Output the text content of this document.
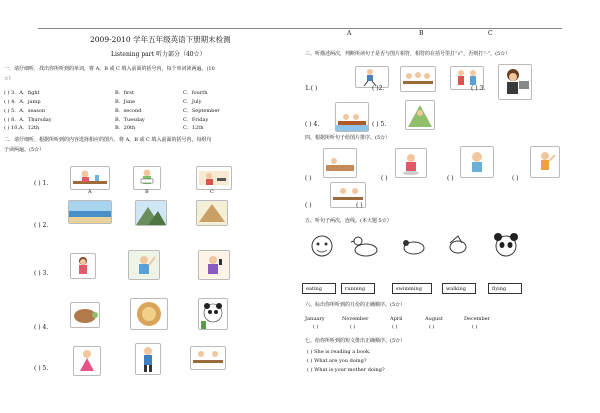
A	B	C
2009-2010 学年五年级英语下册期末检测
Listening part 听力部分（40☆）
一．请仔细听，找出你所听到的单词，将 A、B 或 C 填入前面的括号内，每个单词读两遍。(10
☆）
( ) 3．A．fight	B．first	C．fourth
( ) 4．A．jump	B．June	C．July
( ) 5．A．season	B．second	C．September
( ) 8．A．Thursday	B．Tuesday	C．Friday
( ) 10.A．12th	B．20th	C．12th
二．请仔细听，根据所听到的内容选择相应的图片，将 A、B 或 C 填入前面的括号内，每组句
子读两遍。(5☆）
( ) 1.
A	B	C
( ) 2.
( ) 3.
( ) 4.
( ) 5.
三、听描述两次，判断所读句子是否与图片相符，相符的在括号里打“√”，否则打“-”。(5☆）
1.( )	( )2.	( ) 3.
( ) 4.	( ) 5.
四、根据所听句子给图片排序。(5☆）
( )	( )	( )	( )
( )	( )
五、听句子两次，连线。(本大题 5☆）
eating	running	swimming	walking	flying
六、标出你所听到的月份的正确顺序。(5☆）
January	November	April	August	December
( )	( )	( )	( )	( )
七、给你所听到的短文排出正确顺序。(5☆）
( ) She is reading a book.
( ) What are you doing?
( ) What is your mother doing?
